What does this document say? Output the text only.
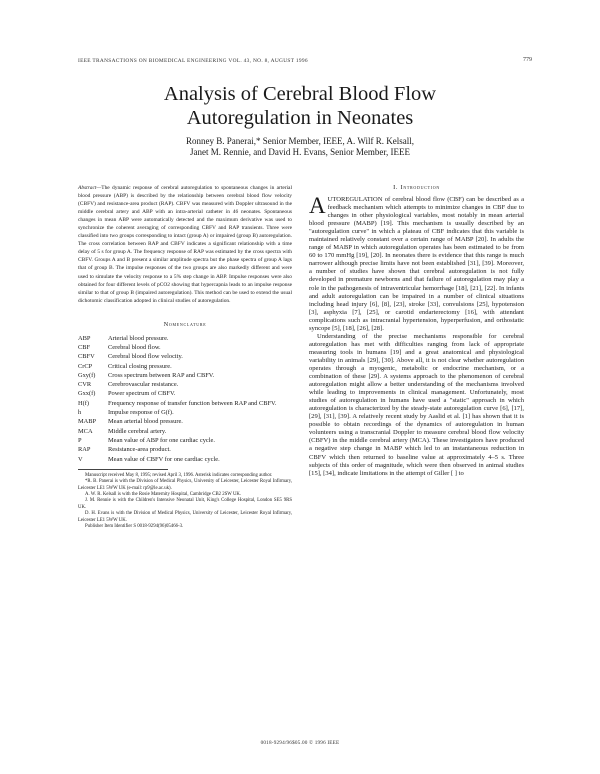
IEEE TRANSACTIONS ON BIOMEDICAL ENGINEERING VOL. 43, NO. 8, AUGUST 1996	779
Analysis of Cerebral Blood Flow
Autoregulation in Neonates
Ronney B. Panerai,* Senior Member, IEEE, A. Wilf R. Kelsall,
Janet M. Rennie, and David H. Evans, Senior Member, IEEE

Abstract—The dynamic response of cerebral autoregulation to spontaneous changes in arterial blood pressure (ABP) is described by the relationship between cerebral blood flow velocity (CBFV) and resistance-area product (RAP). CBFV was measured with Doppler ultrasound in the middle cerebral artery and ABP with an intra-arterial catheter in 46 neonates. Spontaneous changes in mean ABP were automatically detected and the maximum derivative was used to synchronize the coherent averaging of corresponding CBFV and RAP transients. Three were classified into two groups corresponding to intact (group A) or impaired (group B) autoregulation. The cross correlation between RAP and CBFV indicates a significant relationship with a time delay of 5 s for group A. The frequency response of RAP was estimated by the cross spectra with CBFV. Groups A and B present a similar amplitude spectra but the phase spectra of group A lags that of group B. The impulse responses of the two groups are also markedly different and were used to simulate the velocity response to a 5% step change in ABP. Impulse responses were also obtained for four different levels of pCO2 showing that hypercapnia leads to an impulse response similar to that of group B (impaired autoregulation). This method can be used to extend the usual dichotomic classification adopted in clinical studies of autoregulation.

Nomenclature
ABP	Arterial blood pressure.
CBF	Cerebral blood flow.
CBFV	Cerebral blood flow velocity.
CrCP	Critical closing pressure.
Gxy(f)	Cross spectrum between RAP and CBFV.
CVR	Cerebrovascular resistance.
Gxx(f)	Power spectrum of CBFV.
H(f)	Frequency response of transfer function between RAP and CBFV.
h	Impulse response of G(f).
MABP	Mean arterial blood pressure.
MCA	Middle cerebral artery.
P	Mean value of ABP for one cardiac cycle.
RAP	Resistance-area product.
V	Mean value of CBFV for one cardiac cycle.

Manuscript received May 8, 1995; revised April 3, 1996. Asterisk indicates corresponding author.

*R. B. Panerai is with the Division of Medical Physics, University of Leicester, Leicester Royal Infirmary, Leicester LE1 5WW UK (e-mail: rp9@le.ac.uk).

A. W. R. Kelsall is with the Rosie Maternity Hospital, Cambridge CB2 2SW UK.

J. M. Rennie is with the Children's Intensive Neonatal Unit, King's College Hospital, London SE5 9RS UK.

D. H. Evans is with the Division of Medical Physics, University of Leicester, Leicester Royal Infirmary, Leicester LE1 5WW UK.

Publisher Item Identifier S 0018-9294(96)05466-3.

I. Introduction

AUTOREGULATION of cerebral blood flow (CBF) can be described as a feedback mechanism which attempts to minimize changes in CBF due to changes in other physiological variables, most notably in mean arterial blood pressure (MABP) [19]. This mechanism is usually described by an "autoregulation curve" in which a plateau of CBF indicates that this variable is maintained relatively constant over a certain range of MABP [20]. In adults the range of MABP in which autoregulation operates has been estimated to be from 60 to 170 mmHg [19], [20]. In neonates there is evidence that this range is much narrower although precise limits have not been established [31], [39]. Moreover, a number of studies have shown that cerebral autoregulation is not fully developed in premature newborns and that failure of autoregulation may play a role in the pathogenesis of intraventricular hemorrhage [18], [21], [22]. In infants and adult autoregulation can be impaired in a number of clinical situations including head injury [6], [8], [23], stroke [33], convulsions [25], hypotension [3], asphyxia [7], [25], or carotid endarterectomy [16], with attendant complications such as intracranial hypertension, hyperperfusion, and orthostatic syncope [5], [18], [26], [28].

Understanding of the precise mechanisms responsible for cerebral autoregulation has met with difficulties ranging from lack of appropriate measuring tools in humans [19] and a great anatomical and physiological variability in animals [29], [30]. Above all, it is not clear whether autoregulation operates through a myogenic, metabolic or endocrine mechanism, or a combination of these [29]. A systems approach to the phenomenon of cerebral autoregulation might allow a better understanding of the mechanisms involved while leading to improvements in clinical management. Unfortunately, most studies of autoregulation in humans have used a "static" approach in which autoregulation is characterized by the steady-state autoregulation curve [6], [17], [29], [31], [39]. A relatively recent study by Aaslid et al. [1] has shown that it is possible to obtain recordings of the dynamics of autoregulation in human volunteers using a transcranial Doppler to measure cerebral blood flow velocity (CBFV) in the middle cerebral artery (MCA). These investigators have produced a negative step change in MABP which led to an instantaneous reduction in CBFV which then returned to baseline value at approximately 4–5 s. Three subjects of this order of magnitude, which were then observed in animal studies [15], [34], indicate limitations in the attempt of Giller [ ] to

0018-9294/96$05.00 © 1996 IEEE
